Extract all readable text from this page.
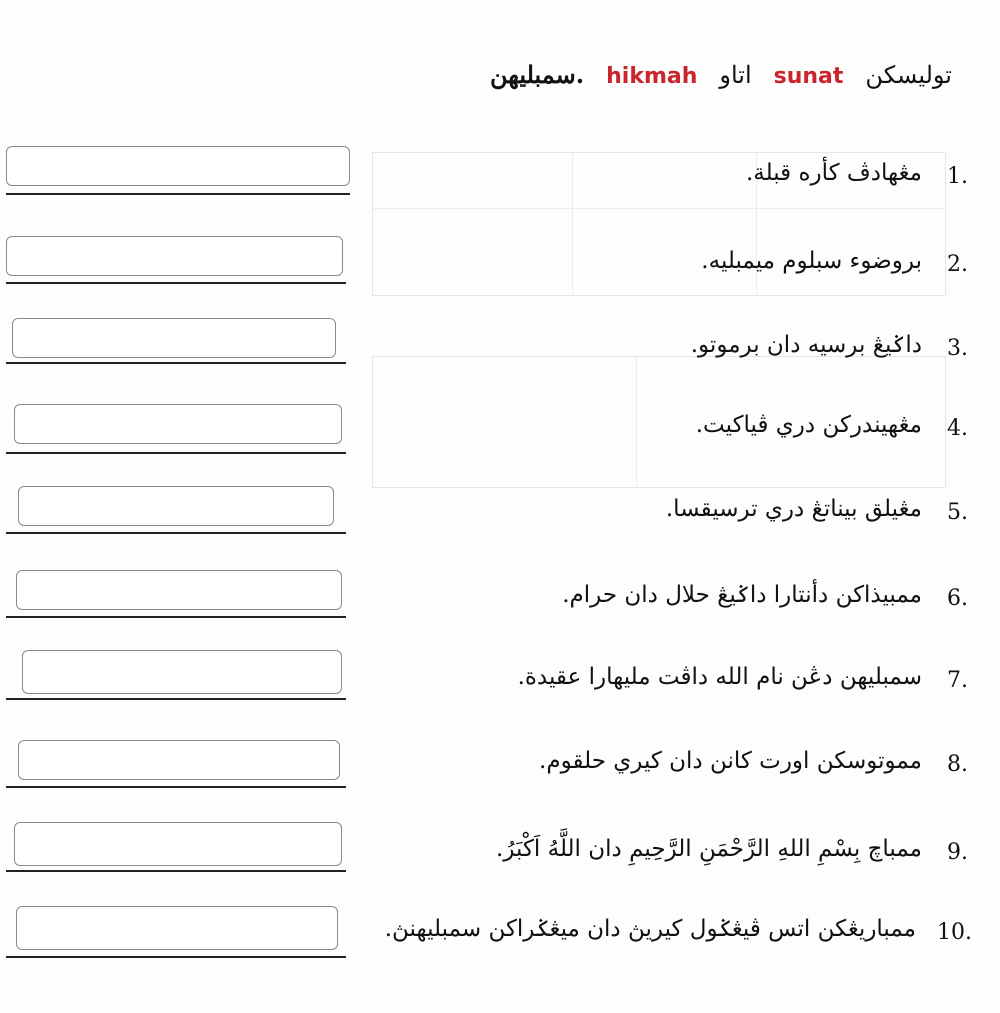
توليسكن
sunat
اتاو
hikmah
سمبليهن.
مڠهادڤ كأره قبلة. 1.
بروضوء سبلوم ميمبليه. 2.
داݢيڠ برسيه دان برموتو. 3.
مڠهيندركن دري ڤياكيت. 4.
مڠيلق بيناتڠ دري ترسيقسا. 5.
ممبيذاكن دأنتارا داݢيڠ حلال دان حرام. 6.
سمبليهن دڠن نام الله داڤت مليهارا عقيدة. 7.
مموتوسكن اورت كانن دان كيري حلقوم. 8.
ممباچ بِسْمِ اللهِ الرَّحْمَنِ الرَّحِيمِ دان اللَّهُ اَكْبَرُ. 9.
ممباريڠكن اتس ڤيڠݢول كيريڽ دان ميڠݢراكن سمبليهنڽ. 10.
